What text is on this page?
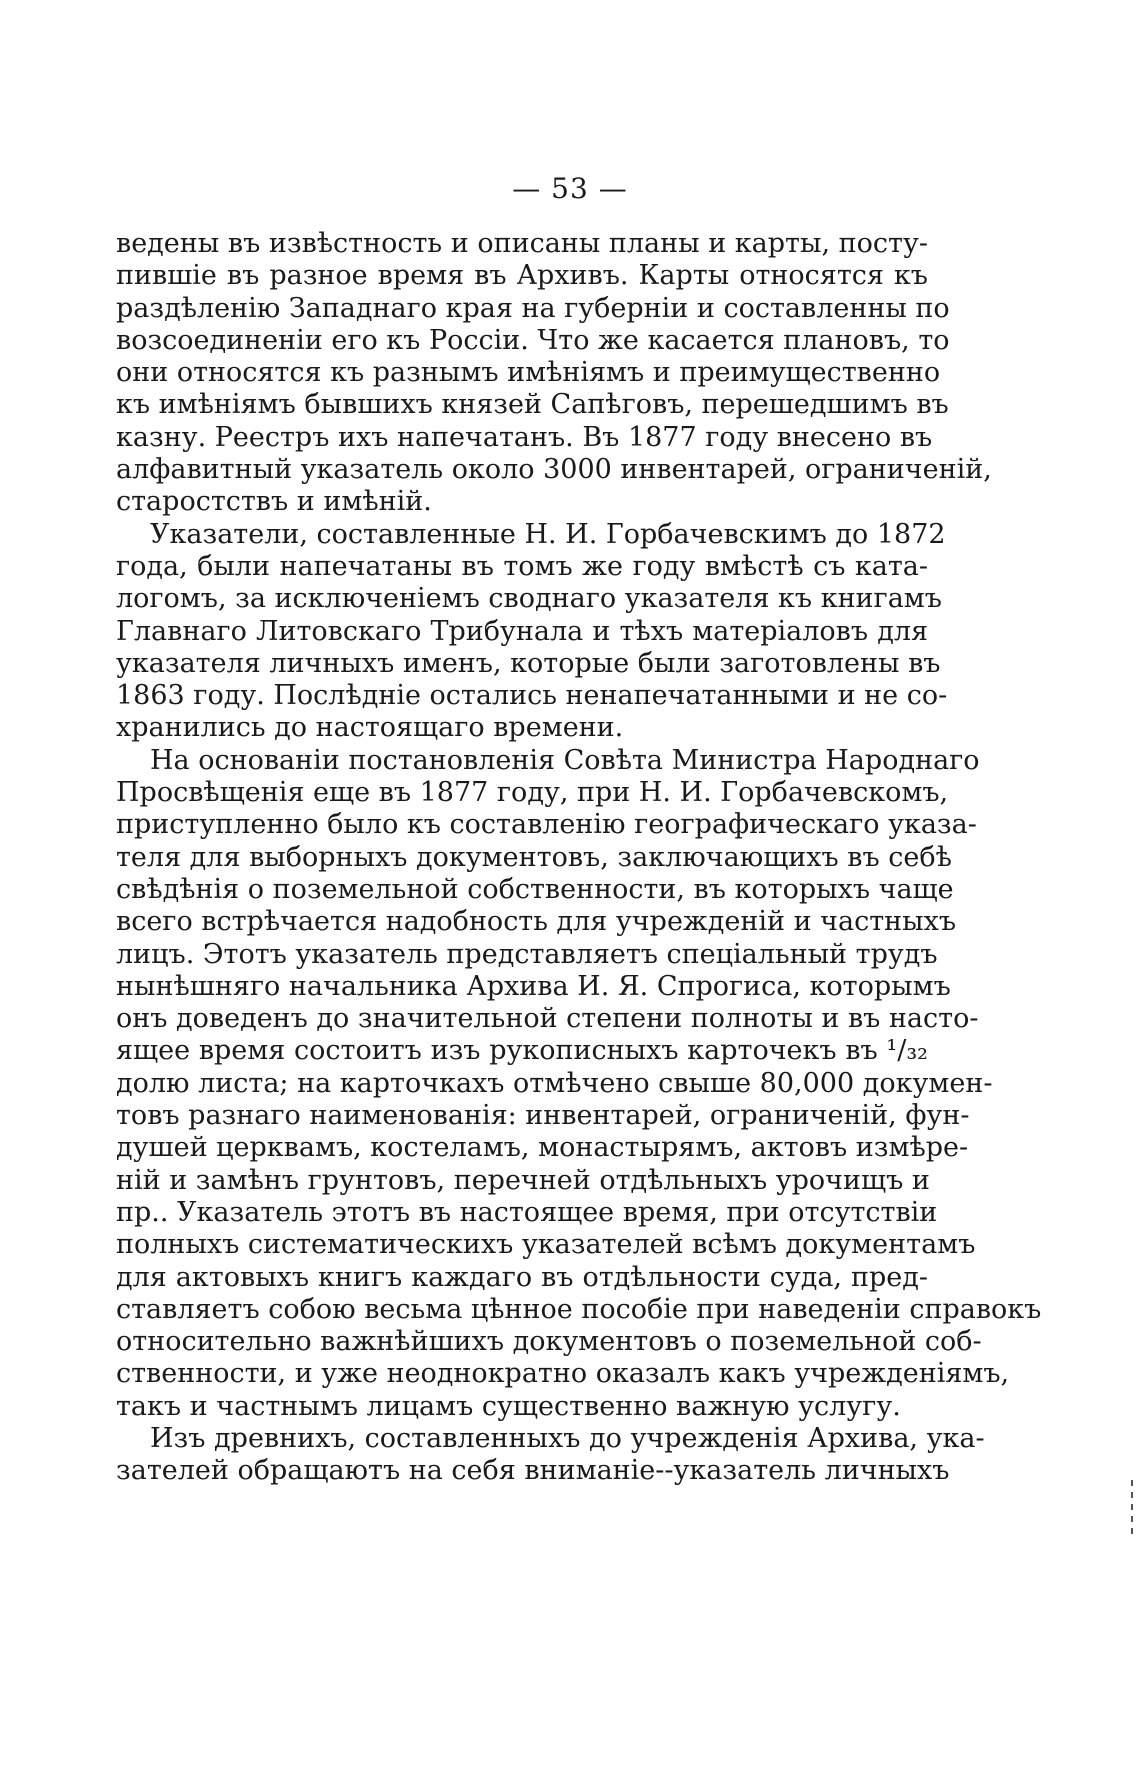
— 53 —
ведены въ извѣстность и описаны планы и карты, посту-
пившіе въ разное время въ Архивъ. Карты относятся къ
раздѣленію Западнаго края на губерніи и составленны по
возсоединеніи его къ Россіи. Что же касается плановъ, то
они относятся къ разнымъ имѣніямъ и преимущественно
къ имѣніямъ бывшихъ князей Сапѣговъ, перешедшимъ въ
казну. Реестръ ихъ напечатанъ. Въ 1877 году внесено въ
алфавитный указатель около 3000 инвентарей, ограниченій,
старостствъ и имѣній.
Указатели, составленные Н. И. Горбачевскимъ до 1872
года, были напечатаны въ томъ же году вмѣстѣ съ ката-
логомъ, за исключеніемъ своднаго указателя къ книгамъ
Главнаго Литовскаго Трибунала и тѣхъ матеріаловъ для
указателя личныхъ именъ, которые были заготовлены въ
1863 году. Послѣдніе остались ненапечатанными и не со-
хранились до настоящаго времени.
На основаніи постановленія Совѣта Министра Народнаго
Просвѣщенія еще въ 1877 году, при Н. И. Горбачевскомъ,
приступленно было къ составленію географическаго указа-
теля для выборныхъ документовъ, заключающихъ въ себѣ
свѣдѣнія о поземельной собственности, въ которыхъ чаще
всего встрѣчается надобность для учрежденій и частныхъ
лицъ. Этотъ указатель представляетъ спеціальный трудъ
нынѣшняго начальника Архива И. Я. Спрогиса, которымъ
онъ доведенъ до значительной степени полноты и въ насто-
ящее время состоитъ изъ рукописныхъ карточекъ въ ¹/₃₂
долю листа; на карточкахъ отмѣчено свыше 80,000 докумен-
товъ разнаго наименованія: инвентарей, ограниченій, фун-
душей церквамъ, костеламъ, монастырямъ, актовъ измѣре-
ній и замѣнъ грунтовъ, перечней отдѣльныхъ урочищъ и
пр.. Указатель этотъ въ настоящее время, при отсутствіи
полныхъ систематическихъ указателей всѣмъ документамъ
для актовыхъ книгъ каждаго въ отдѣльности суда, пред-
ставляетъ собою весьма цѣнное пособіе при наведеніи справокъ
относительно важнѣйшихъ документовъ о поземельной соб-
ственности, и уже неоднократно оказалъ какъ учрежденіямъ,
такъ и частнымъ лицамъ существенно важную услугу.
Изъ древнихъ, составленныхъ до учрежденія Архива, ука-
зателей обращаютъ на себя вниманіе--указатель личныхъ
